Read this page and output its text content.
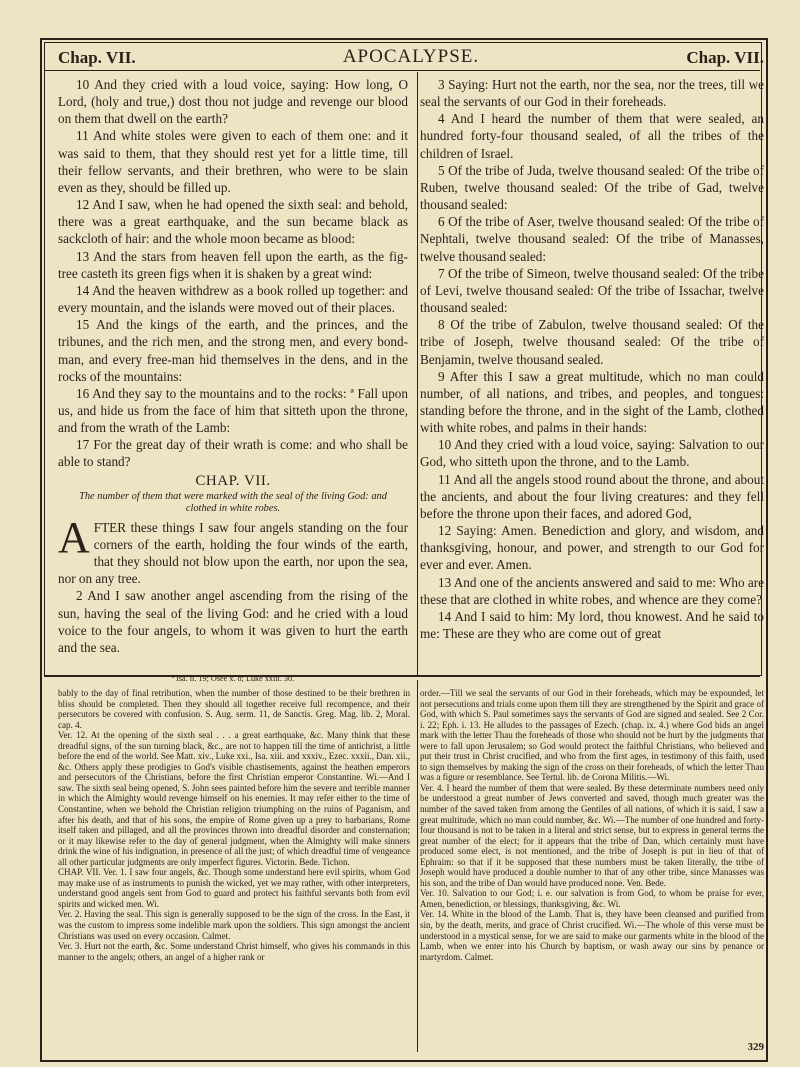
Chap. VII.	APOCALYPSE.	Chap. VII.

10 And they cried with a loud voice, saying: How long, O Lord, (holy and true,) dost thou not judge and revenge our blood on them that dwell on the earth?

11 And white stoles were given to each of them one: and it was said to them, that they should rest yet for a little time, till their fellow servants, and their brethren, who were to be slain even as they, should be filled up.

12 And I saw, when he had opened the sixth seal: and behold, there was a great earthquake, and the sun became black as sackcloth of hair: and the whole moon became as blood:

13 And the stars from heaven fell upon the earth, as the fig-tree casteth its green figs when it is shaken by a great wind:

14 And the heaven withdrew as a book rolled up together: and every mountain, and the islands were moved out of their places.

15 And the kings of the earth, and the princes, and the tribunes, and the rich men, and the strong men, and every bond-man, and every free-man hid themselves in the dens, and in the rocks of the mountains:

16 And they say to the mountains and to the rocks: ª Fall upon us, and hide us from the face of him that sitteth upon the throne, and from the wrath of the Lamb:

17 For the great day of their wrath is come: and who shall be able to stand?

CHAP. VII.
The number of them that were marked with the seal of the living God: and clothed in white robes.

AFTER these things I saw four angels standing on the four corners of the earth, holding the four winds of the earth, that they should not blow upon the earth, nor upon the sea, nor on any tree.

2 And I saw another angel ascending from the rising of the sun, having the seal of the living God: and he cried with a loud voice to the four angels, to whom it was given to hurt the earth and the sea.

ª Isa. ii. 19; Osee x. 8; Luke xxiii. 30.

3 Saying: Hurt not the earth, nor the sea, nor the trees, till we seal the servants of our God in their foreheads.

4 And I heard the number of them that were sealed, an hundred forty-four thousand sealed, of all the tribes of the children of Israel.

5 Of the tribe of Juda, twelve thousand sealed: Of the tribe of Ruben, twelve thousand sealed: Of the tribe of Gad, twelve thousand sealed:

6 Of the tribe of Aser, twelve thousand sealed: Of the tribe of Nephtali, twelve thousand sealed: Of the tribe of Manasses, twelve thousand sealed:

7 Of the tribe of Simeon, twelve thousand sealed: Of the tribe of Levi, twelve thousand sealed: Of the tribe of Issachar, twelve thousand sealed:

8 Of the tribe of Zabulon, twelve thousand sealed: Of the tribe of Joseph, twelve thousand sealed: Of the tribe of Benjamin, twelve thousand sealed.

9 After this I saw a great multitude, which no man could number, of all nations, and tribes, and peoples, and tongues: standing before the throne, and in the sight of the Lamb, clothed with white robes, and palms in their hands:

10 And they cried with a loud voice, saying: Salvation to our God, who sitteth upon the throne, and to the Lamb.

11 And all the angels stood round about the throne, and about the ancients, and about the four living creatures: and they fell before the throne upon their faces, and adored God,

12 Saying: Amen. Benediction and glory, and wisdom, and thanksgiving, honour, and power, and strength to our God for ever and ever. Amen.

13 And one of the ancients answered and said to me: Who are these that are clothed in white robes, and whence are they come?

14 And I said to him: My lord, thou knowest. And he said to me: These are they who are come out of great

bably to the day of final retribution, when the number of those destined to be their brethren in bliss should be completed. Then they should all together receive full recompence, and their persecutors be covered with confusion. S. Aug. serm. 11, de Sanctis. Greg. Mag. lib. 2, Moral. cap. 4.

Ver. 12. At the opening of the sixth seal . . . a great earthquake, &c. Many think that these dreadful signs, of the sun turning black, &c., are not to happen till the time of antichrist, a little before the end of the world. See Matt. xiv., Luke xxi., Isa. xiii. and xxxiv., Ezec. xxxii., Dan. xii., &c. Others apply these prodigies to God's visible chastisements, against the heathen emperors and persecutors of the Christians, before the first Christian emperor Constantine. Wi.—And I saw. The sixth seal being opened, S. John sees painted before him the severe and terrible manner in which the Almighty would revenge himself on his enemies. It may refer either to the time of Constantine, when we behold the Christian religion triumphing on the ruins of Paganism, and after his death, and that of his sons, the empire of Rome given up a prey to barbarians, Rome itself taken and pillaged, and all the provinces thrown into dreadful disorder and consternation; or it may likewise refer to the day of general judgment, when the Almighty will make sinners drink the wine of his indignation, in presence of all the just; of which dreadful time of vengeance all other particular judgments are only imperfect figures. Victorin. Bede. Tichon.

CHAP. VII. Ver. 1. I saw four angels, &c. Though some understand here evil spirits, whom God may make use of as instruments to punish the wicked, yet we may rather, with other interpreters, understand good angels sent from God to guard and protect his faithful servants both from evil spirits and wicked men. Wi.

Ver. 2. Having the seal. This sign is generally supposed to be the sign of the cross. In the East, it was the custom to impress some indelible mark upon the soldiers. This sign amongst the ancient Christians was used on every occasion. Calmet.

Ver. 3. Hurt not the earth, &c. Some understand Christ himself, who gives his commands in this manner to the angels; others, an angel of a higher rank or

order.—Till we seal the servants of our God in their foreheads, which may be expounded, let not persecutions and trials come upon them till they are strengthened by the Spirit and grace of God, with which S. Paul sometimes says the servants of God are signed and sealed. See 2 Cor. i. 22; Eph. i. 13. He alludes to the passages of Ezech. (chap. ix. 4.) where God bids an angel mark with the letter Thau the foreheads of those who should not be hurt by the judgments that were to fall upon Jerusalem; so God would protect the faithful Christians, who believed and put their trust in Christ crucified, and who from the first ages, in testimony of this faith, used to sign themselves by making the sign of the cross on their foreheads, of which the letter Thau was a figure or resemblance. See Tertul. lib. de Corona Militis.—Wi.

Ver. 4. I heard the number of them that were sealed. By these determinate numbers need only be understood a great number of Jews converted and saved, though much greater was the number of the saved taken from among the Gentiles of all nations, of which it is said, I saw a great multitude, which no man could number, &c. Wi.—The number of one hundred and forty-four thousand is not to be taken in a literal and strict sense, but to express in general terms the great number of the elect; for it appears that the tribe of Dan, which certainly must have produced some elect, is not mentioned, and the tribe of Joseph is put in lieu of that of Ephraim: so that if it be supposed that these numbers must be taken literally, the tribe of Joseph would have produced a double number to that of any other tribe, since Manasses was his son, and the tribe of Dan would have produced none. Ven. Bede.

Ver. 10. Salvation to our God; i. e. our salvation is from God, to whom be praise for ever, Amen, benediction, or blessings, thanksgiving, &c. Wi.

Ver. 14. White in the blood of the Lamb. That is, they have been cleansed and purified from sin, by the death, merits, and grace of Christ crucified. Wi.—The whole of this verse must be understood in a mystical sense, for we are said to make our garments white in the blood of the Lamb, when we enter into his Church by baptism, or wash away our sins by penance or martyrdom. Calmet.

329
